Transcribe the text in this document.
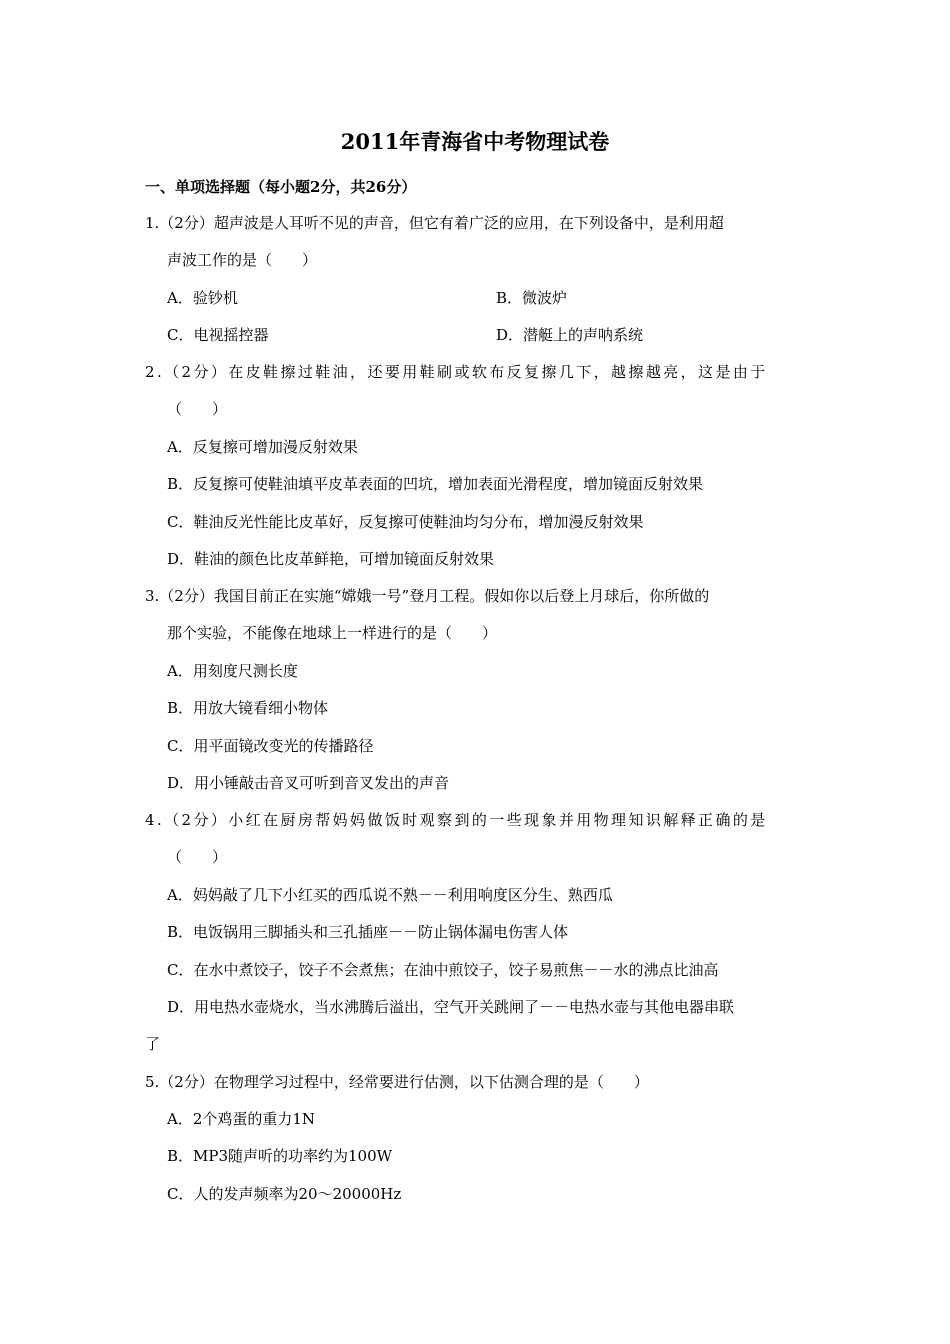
2011年青海省中考物理试卷
一、单项选择题（每小题2分，共26分）
1.（2分）超声波是人耳听不见的声音，但它有着广泛的应用，在下列设备中，是利用超
声波工作的是（　　）
A．验钞机	B．微波炉
C．电视摇控器	D．潜艇上的声呐系统
2.（2分）在皮鞋擦过鞋油，还要用鞋刷或软布反复擦几下，越擦越亮，这是由于
（　　）
A．反复擦可增加漫反射效果
B．反复擦可使鞋油填平皮革表面的凹坑，增加表面光滑程度，增加镜面反射效果
C．鞋油反光性能比皮革好，反复擦可使鞋油均匀分布，增加漫反射效果
D．鞋油的颜色比皮革鲜艳，可增加镜面反射效果
3.（2分）我国目前正在实施“嫦娥一号”登月工程。假如你以后登上月球后，你所做的
那个实验，不能像在地球上一样进行的是（　　）
A．用刻度尺测长度
B．用放大镜看细小物体
C．用平面镜改变光的传播路径
D．用小锤敲击音叉可听到音叉发出的声音
4.（2分）小红在厨房帮妈妈做饭时观察到的一些现象并用物理知识解释正确的是
（　　）
A．妈妈敲了几下小红买的西瓜说不熟－－利用响度区分生、熟西瓜
B．电饭锅用三脚插头和三孔插座－－防止锅体漏电伤害人体
C．在水中煮饺子，饺子不会煮焦；在油中煎饺子，饺子易煎焦－－水的沸点比油高
D．用电热水壶烧水，当水沸腾后溢出，空气开关跳闸了－－电热水壶与其他电器串联
了
5.（2分）在物理学习过程中，经常要进行估测，以下估测合理的是（　　）
A．2个鸡蛋的重力1N
B．MP3随声听的功率约为100W
C．人的发声频率为20～20000Hz
